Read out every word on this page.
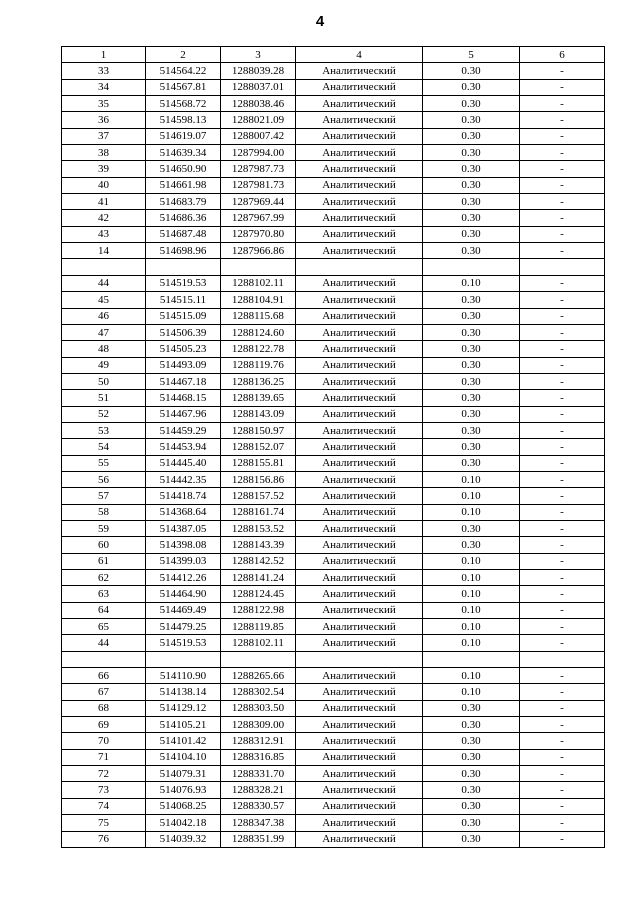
4
1	2	3	4	5	6
33	514564.22	1288039.28	Аналитический	0.30	-
34	514567.81	1288037.01	Аналитический	0.30	-
35	514568.72	1288038.46	Аналитический	0.30	-
36	514598.13	1288021.09	Аналитический	0.30	-
37	514619.07	1288007.42	Аналитический	0.30	-
38	514639.34	1287994.00	Аналитический	0.30	-
39	514650.90	1287987.73	Аналитический	0.30	-
40	514661.98	1287981.73	Аналитический	0.30	-
41	514683.79	1287969.44	Аналитический	0.30	-
42	514686.36	1287967.99	Аналитический	0.30	-
43	514687.48	1287970.80	Аналитический	0.30	-
14	514698.96	1287966.86	Аналитический	0.30	-

44	514519.53	1288102.11	Аналитический	0.10	-
45	514515.11	1288104.91	Аналитический	0.30	-
46	514515.09	1288115.68	Аналитический	0.30	-
47	514506.39	1288124.60	Аналитический	0.30	-
48	514505.23	1288122.78	Аналитический	0.30	-
49	514493.09	1288119.76	Аналитический	0.30	-
50	514467.18	1288136.25	Аналитический	0.30	-
51	514468.15	1288139.65	Аналитический	0.30	-
52	514467.96	1288143.09	Аналитический	0.30	-
53	514459.29	1288150.97	Аналитический	0.30	-
54	514453.94	1288152.07	Аналитический	0.30	-
55	514445.40	1288155.81	Аналитический	0.30	-
56	514442.35	1288156.86	Аналитический	0.10	-
57	514418.74	1288157.52	Аналитический	0.10	-
58	514368.64	1288161.74	Аналитический	0.10	-
59	514387.05	1288153.52	Аналитический	0.30	-
60	514398.08	1288143.39	Аналитический	0.30	-
61	514399.03	1288142.52	Аналитический	0.10	-
62	514412.26	1288141.24	Аналитический	0.10	-
63	514464.90	1288124.45	Аналитический	0.10	-
64	514469.49	1288122.98	Аналитический	0.10	-
65	514479.25	1288119.85	Аналитический	0.10	-
44	514519.53	1288102.11	Аналитический	0.10	-

66	514110.90	1288265.66	Аналитический	0.10	-
67	514138.14	1288302.54	Аналитический	0.10	-
68	514129.12	1288303.50	Аналитический	0.30	-
69	514105.21	1288309.00	Аналитический	0.30	-
70	514101.42	1288312.91	Аналитический	0.30	-
71	514104.10	1288316.85	Аналитический	0.30	-
72	514079.31	1288331.70	Аналитический	0.30	-
73	514076.93	1288328.21	Аналитический	0.30	-
74	514068.25	1288330.57	Аналитический	0.30	-
75	514042.18	1288347.38	Аналитический	0.30	-
76	514039.32	1288351.99	Аналитический	0.30	-
